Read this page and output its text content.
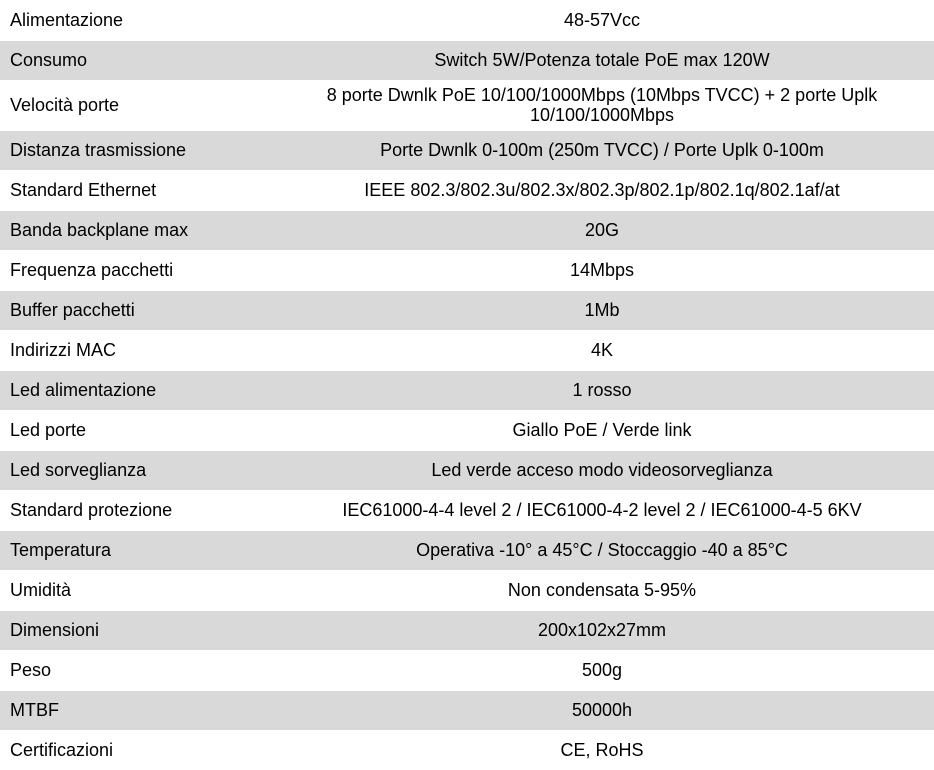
Alimentazione	48-57Vcc
Consumo	Switch 5W/Potenza totale PoE max 120W
Velocità porte	8 porte Dwnlk PoE 10/100/1000Mbps (10Mbps TVCC) + 2 porte Uplk 10/100/1000Mbps
Distanza trasmissione	Porte Dwnlk 0-100m (250m TVCC) / Porte Uplk 0-100m
Standard Ethernet	IEEE 802.3/802.3u/802.3x/802.3p/802.1p/802.1q/802.1af/at
Banda backplane max	20G
Frequenza pacchetti	14Mbps
Buffer pacchetti	1Mb
Indirizzi MAC	4K
Led alimentazione	1 rosso
Led porte	Giallo PoE / Verde link
Led sorveglianza	Led verde acceso modo videosorveglianza
Standard protezione	IEC61000-4-4 level 2 / IEC61000-4-2 level 2 / IEC61000-4-5 6KV
Temperatura	Operativa -10° a 45°C / Stoccaggio -40 a 85°C
Umidità	Non condensata 5-95%
Dimensioni	200x102x27mm
Peso	500g
MTBF	50000h
Certificazioni	CE, RoHS
